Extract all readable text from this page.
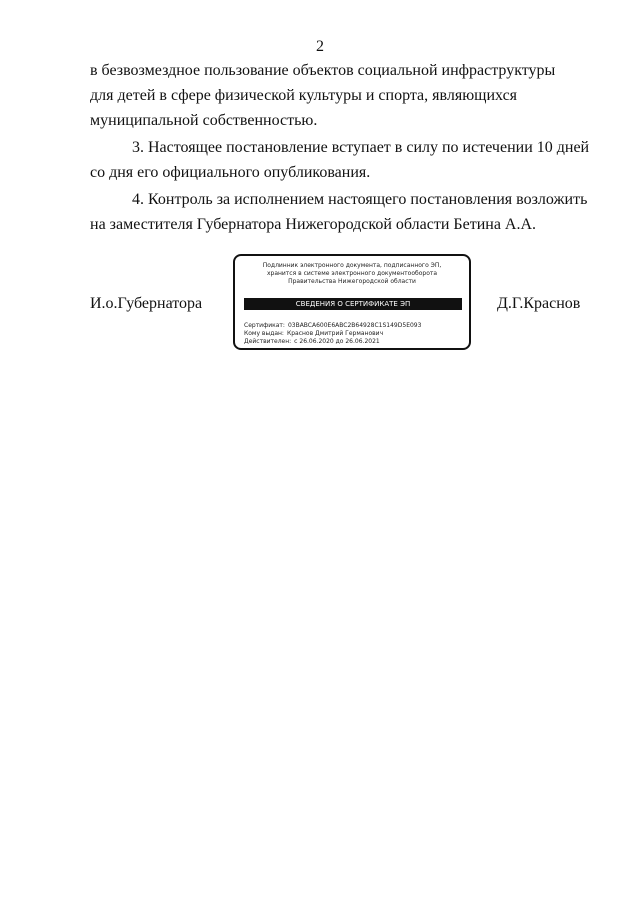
2
в безвозмездное пользование объектов социальной инфраструктуры
для детей в сфере физической культуры и спорта, являющихся
муниципальной собственностью.
3. Настоящее постановление вступает в силу по истечении 10 дней
со дня его официального опубликования.
4. Контроль за исполнением настоящего постановления возложить
на заместителя Губернатора Нижегородской области Бетина А.А.
И.о.Губернатора
Подлинник электронного документа, подписанного ЭП,
хранится в системе электронного документооборота
Правительства Нижегородской области
СВЕДЕНИЯ О СЕРТИФИКАТЕ ЭП
Сертификат: 03BABCA600E6ABC2B64928C1S149D5E093
Кому выдан: Краснов Дмитрий Германович
Действителен: с 26.06.2020 до 26.06.2021
Д.Г.Краснов
